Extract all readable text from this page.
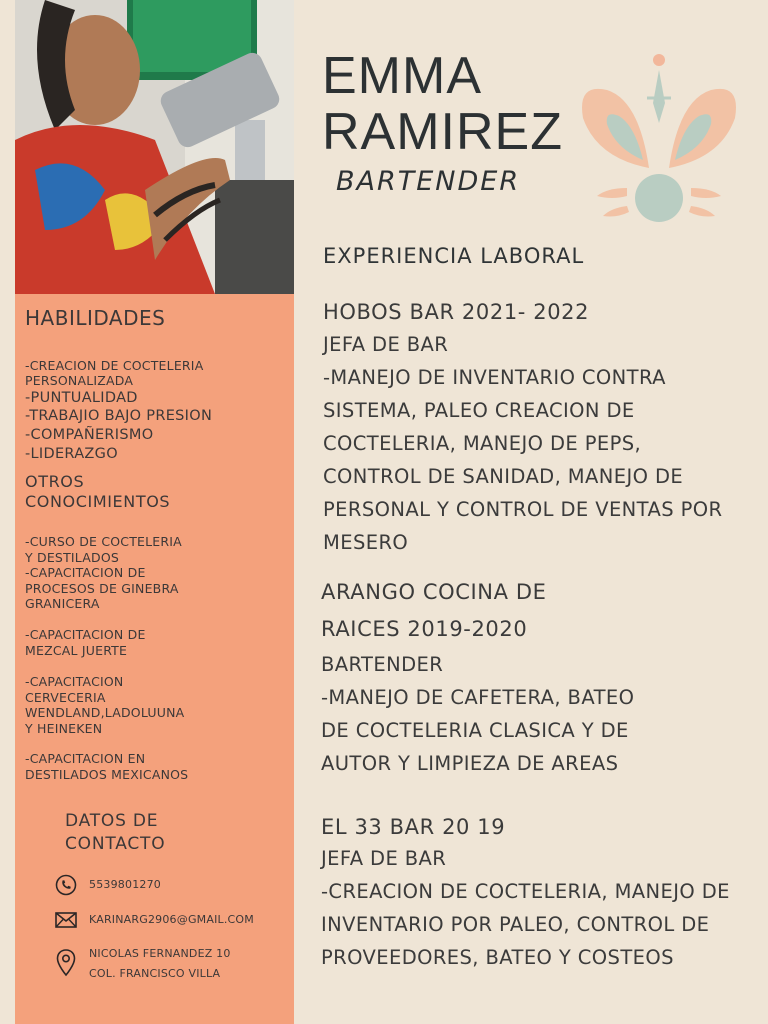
HABILIDADES
-CREACION DE COCTELERIA
PERSONALIZADA
-PUNTUALIDAD
-TRABAJIO BAJO PRESION
-COMPAÑERISMO
-LIDERAZGO
OTROS
CONOCIMIENTOS
-CURSO DE COCTELERIA
Y DESTILADOS
-CAPACITACION DE
PROCESOS DE GINEBRA
GRANICERA
-CAPACITACION DE
MEZCAL JUERTE
-CAPACITACION
CERVECERIA
WENDLAND,LADOLUUNA
Y HEINEKEN
-CAPACITACION EN
DESTILADOS MEXICANOS
DATOS DE
CONTACTO
5539801270
KARINARG2906@GMAIL.COM
NICOLAS FERNANDEZ 10
COL. FRANCISCO VILLA
EMMA
RAMIREZ
BARTENDER
EXPERIENCIA LABORAL
HOBOS BAR 2021- 2022
JEFA DE BAR
-MANEJO DE INVENTARIO CONTRA
SISTEMA, PALEO CREACION DE
COCTELERIA, MANEJO DE PEPS,
CONTROL DE SANIDAD, MANEJO DE
PERSONAL Y CONTROL DE VENTAS POR
MESERO
ARANGO COCINA DE
RAICES 2019-2020
BARTENDER
-MANEJO DE CAFETERA, BATEO
DE COCTELERIA CLASICA Y DE
AUTOR Y LIMPIEZA DE AREAS
EL 33 BAR 20 19
JEFA DE BAR
-CREACION DE COCTELERIA, MANEJO DE
INVENTARIO POR PALEO, CONTROL DE
PROVEEDORES, BATEO Y COSTEOS
